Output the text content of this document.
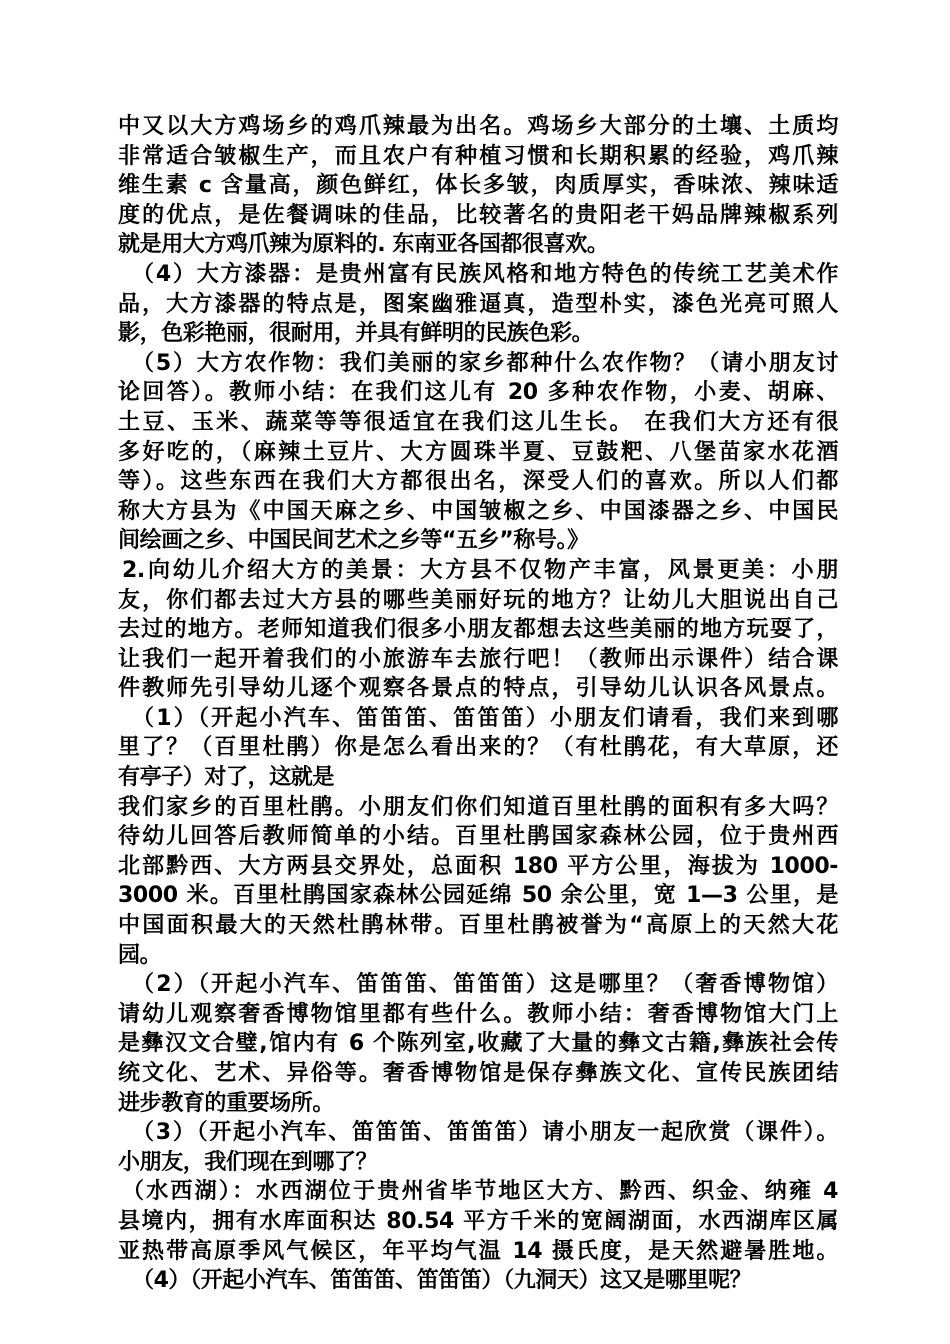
中又以大方鸡场乡的鸡爪辣最为出名。鸡场乡大部分的土壤、土质均
非常适合皱椒生产，而且农户有种植习惯和长期积累的经验，鸡爪辣
维生素 c 含量高，颜色鲜红，体长多皱，肉质厚实，香味浓、辣味适
度的优点，是佐餐调味的佳品，比较著名的贵阳老干妈品牌辣椒系列
就是用大方鸡爪辣为原料的. 东南亚各国都很喜欢。
（4）大方漆器：是贵州富有民族风格和地方特色的传统工艺美术作
品，大方漆器的特点是，图案幽雅逼真，造型朴实，漆色光亮可照人
影，色彩艳丽，很耐用，并具有鲜明的民族色彩。
（5）大方农作物：我们美丽的家乡都种什么农作物？（请小朋友讨
论回答）。教师小结：在我们这儿有 20 多种农作物，小麦、胡麻、
土豆、玉米、蔬菜等等很适宜在我们这儿生长。 在我们大方还有很
多好吃的，（麻辣土豆片、大方圆珠半夏、豆鼓粑、八堡苗家水花酒
等）。这些东西在我们大方都很出名，深受人们的喜欢。所以人们都
称大方县为《中国天麻之乡、中国皱椒之乡、中国漆器之乡、中国民
间绘画之乡、中国民间艺术之乡等“五乡”称号。》
2.向幼儿介绍大方的美景：大方县不仅物产丰富，风景更美：小朋
友，你们都去过大方县的哪些美丽好玩的地方？让幼儿大胆说出自己
去过的地方。老师知道我们很多小朋友都想去这些美丽的地方玩耍了，
让我们一起开着我们的小旅游车去旅行吧！（教师出示课件）结合课
件教师先引导幼儿逐个观察各景点的特点，引导幼儿认识各风景点。
（1）（开起小汽车、笛笛笛、笛笛笛）小朋友们请看，我们来到哪
里了？（百里杜鹃）你是怎么看出来的？（有杜鹃花，有大草原，还
有亭子）对了，这就是
我们家乡的百里杜鹃。小朋友们你们知道百里杜鹃的面积有多大吗？
待幼儿回答后教师简单的小结。百里杜鹃国家森林公园，位于贵州西
北部黔西、大方两县交界处，总面积 180 平方公里，海拔为 1000-
3000 米。百里杜鹃国家森林公园延绵 50 余公里，宽 1—3 公里，是
中国面积最大的天然杜鹃林带。百里杜鹃被誉为“高原上的天然大花
园。
（2）（开起小汽车、笛笛笛、笛笛笛）这是哪里？（奢香博物馆）
请幼儿观察奢香博物馆里都有些什么。教师小结：奢香博物馆大门上
是彝汉文合璧,馆内有 6 个陈列室,收藏了大量的彝文古籍,彝族社会传
统文化、艺术、异俗等。奢香博物馆是保存彝族文化、宣传民族团结
进步教育的重要场所。
（3）（开起小汽车、笛笛笛、笛笛笛）请小朋友一起欣赏（课件）。
小朋友，我们现在到哪了？
（水西湖）：水西湖位于贵州省毕节地区大方、黔西、织金、纳雍 4
县境内，拥有水库面积达 80.54 平方千米的宽阔湖面，水西湖库区属
亚热带高原季风气候区，年平均气温 14 摄氏度，是天然避暑胜地。
（4）（开起小汽车、笛笛笛、笛笛笛）（九洞天）这又是哪里呢？
